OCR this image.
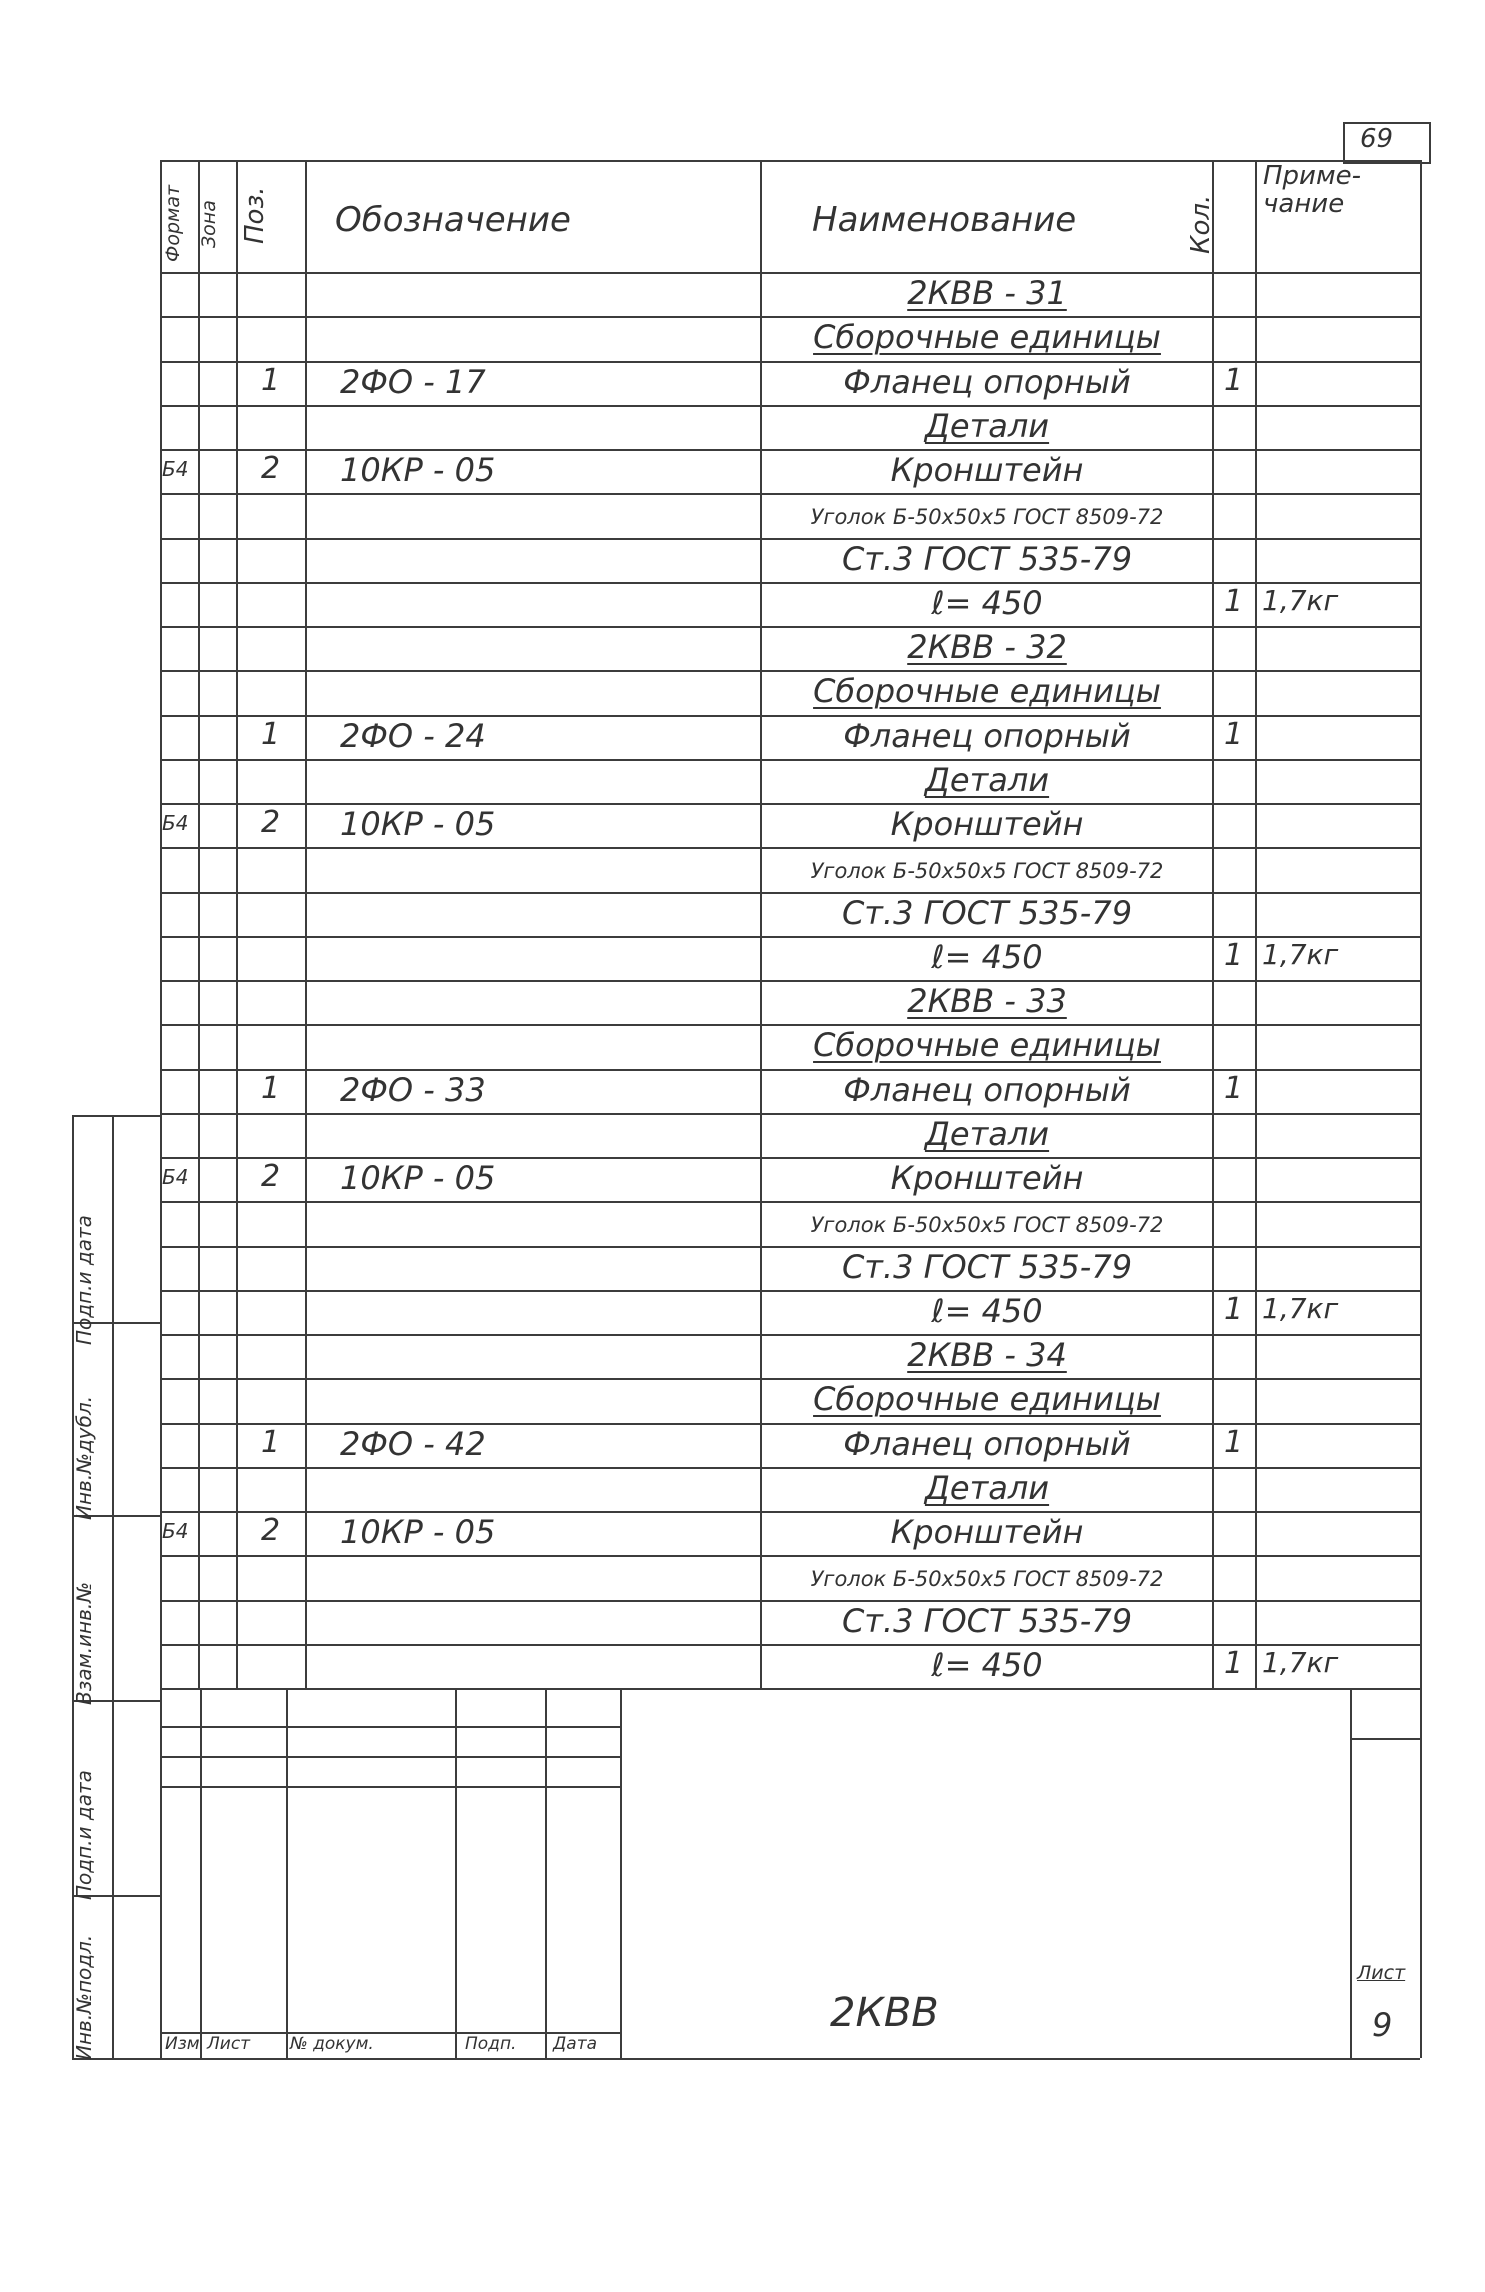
69
Формат Зона Поз. Обозначение	Наименование	Кол.
Приме-
чание
2КВВ - 31
Сборочные единицы
1	2ФО - 17	Фланец опорный	1
Детали
Б4	2	10КР - 05	Кронштейн
Уголок Б-50х50х5 ГОСТ 8509-72
Ст.3 ГОСТ 535-79
ℓ= 450	1 1,7кг
2КВВ - 32
Сборочные единицы
1	2ФО - 24	Фланец опорный	1
Детали
Б4	2	10КР - 05	Кронштейн
Уголок Б-50х50х5 ГОСТ 8509-72
Ст.3 ГОСТ 535-79
ℓ= 450	1 1,7кг
2КВВ - 33
Сборочные единицы
1	2ФО - 33	Фланец опорный	1
Детали
Б4	2	10КР - 05	Кронштейн
Уголок Б-50х50х5 ГОСТ 8509-72
Ст.3 ГОСТ 535-79
ℓ= 450	1 1,7кг
2КВВ - 34
Сборочные единицы
1	2ФО - 42	Фланец опорный	1
Детали
Б4	2	10КР - 05	Кронштейн
Уголок Б-50х50х5 ГОСТ 8509-72
Ст.3 ГОСТ 535-79
ℓ= 450	1 1,7кг
Инв.№подл.
Подп.и дата
Взам.инв.№
Инв.№дубл.
Подп.и дата
Изм Лист № докум.	Подп. Дата
2КВВ
Лист
9
